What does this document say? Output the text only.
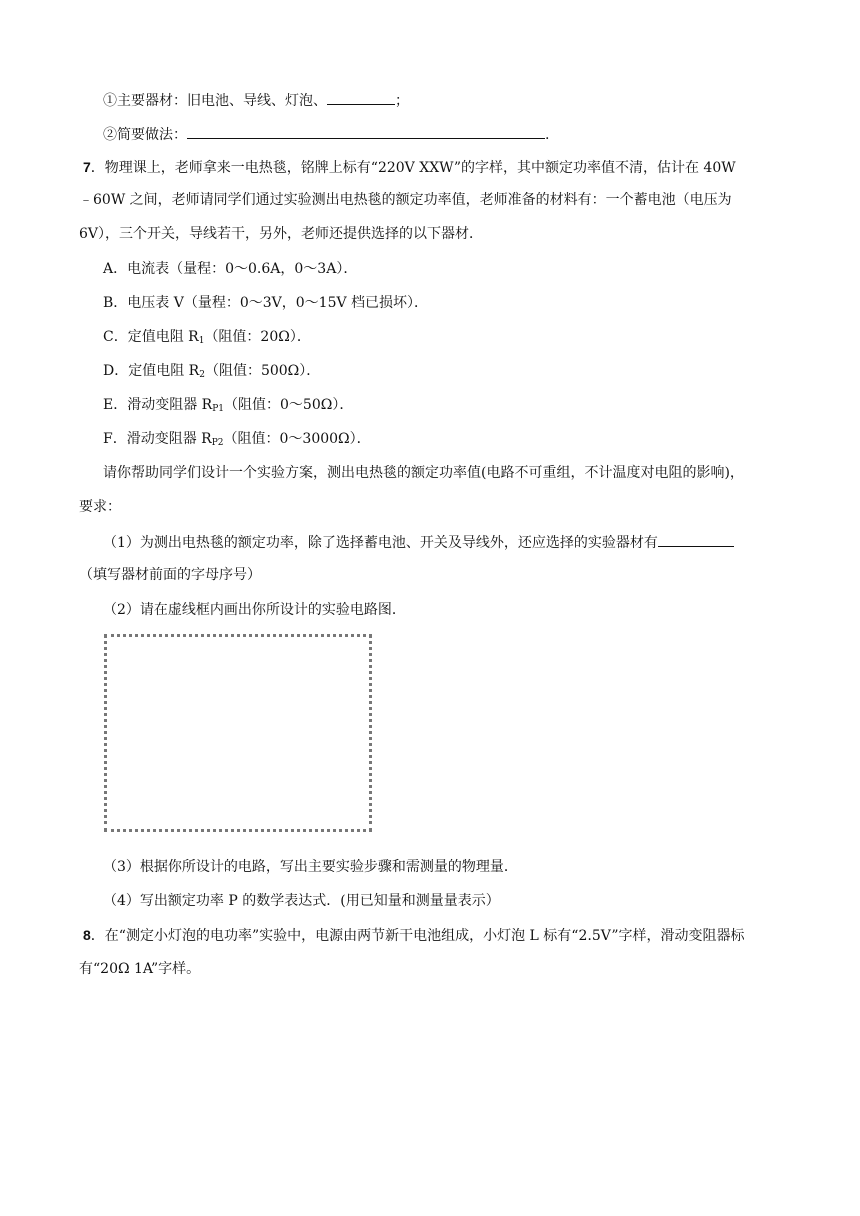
①主要器材：旧电池、导线、灯泡、	；
②简要做法：	.
7．物理课上，老师拿来一电热毯，铭牌上标有“220V XXW”的字样，其中额定功率值不清，估计在 40W
﹣60W 之间，老师请同学们通过实验测出电热毯的额定功率值，老师准备的材料有：一个蓄电池（电压为
6V），三个开关，导线若干，另外，老师还提供选择的以下器材．
A．电流表（量程：0～0.6A，0～3A）．
B．电压表 V（量程：0～3V，0～15V 档已损坏）．
C．定值电阻 $R_1$（阻值：20Ω）．
D．定值电阻 $R_2$（阻值：500Ω）．
E．滑动变阻器 $R_{P1}$（阻值：0～50Ω）．
F．滑动变阻器 $R_{P2}$（阻值：0～3000Ω）．
请你帮助同学们设计一个实验方案，测出电热毯的额定功率值(电路不可重组，不计温度对电阻的影响)，
要求：
（1）为测出电热毯的额定功率，除了选择蓄电池、开关及导线外，还应选择的实验器材有
（填写器材前面的字母序号）
（2）请在虚线框内画出你所设计的实验电路图．
（3）根据你所设计的电路，写出主要实验步骤和需测量的物理量．
（4）写出额定功率 P 的数学表达式．(用已知量和测量量表示）
8．在“测定小灯泡的电功率”实验中，电源由两节新干电池组成，小灯泡 L 标有“2.5V”字样，滑动变阻器标
有“20Ω 1A”字样。
